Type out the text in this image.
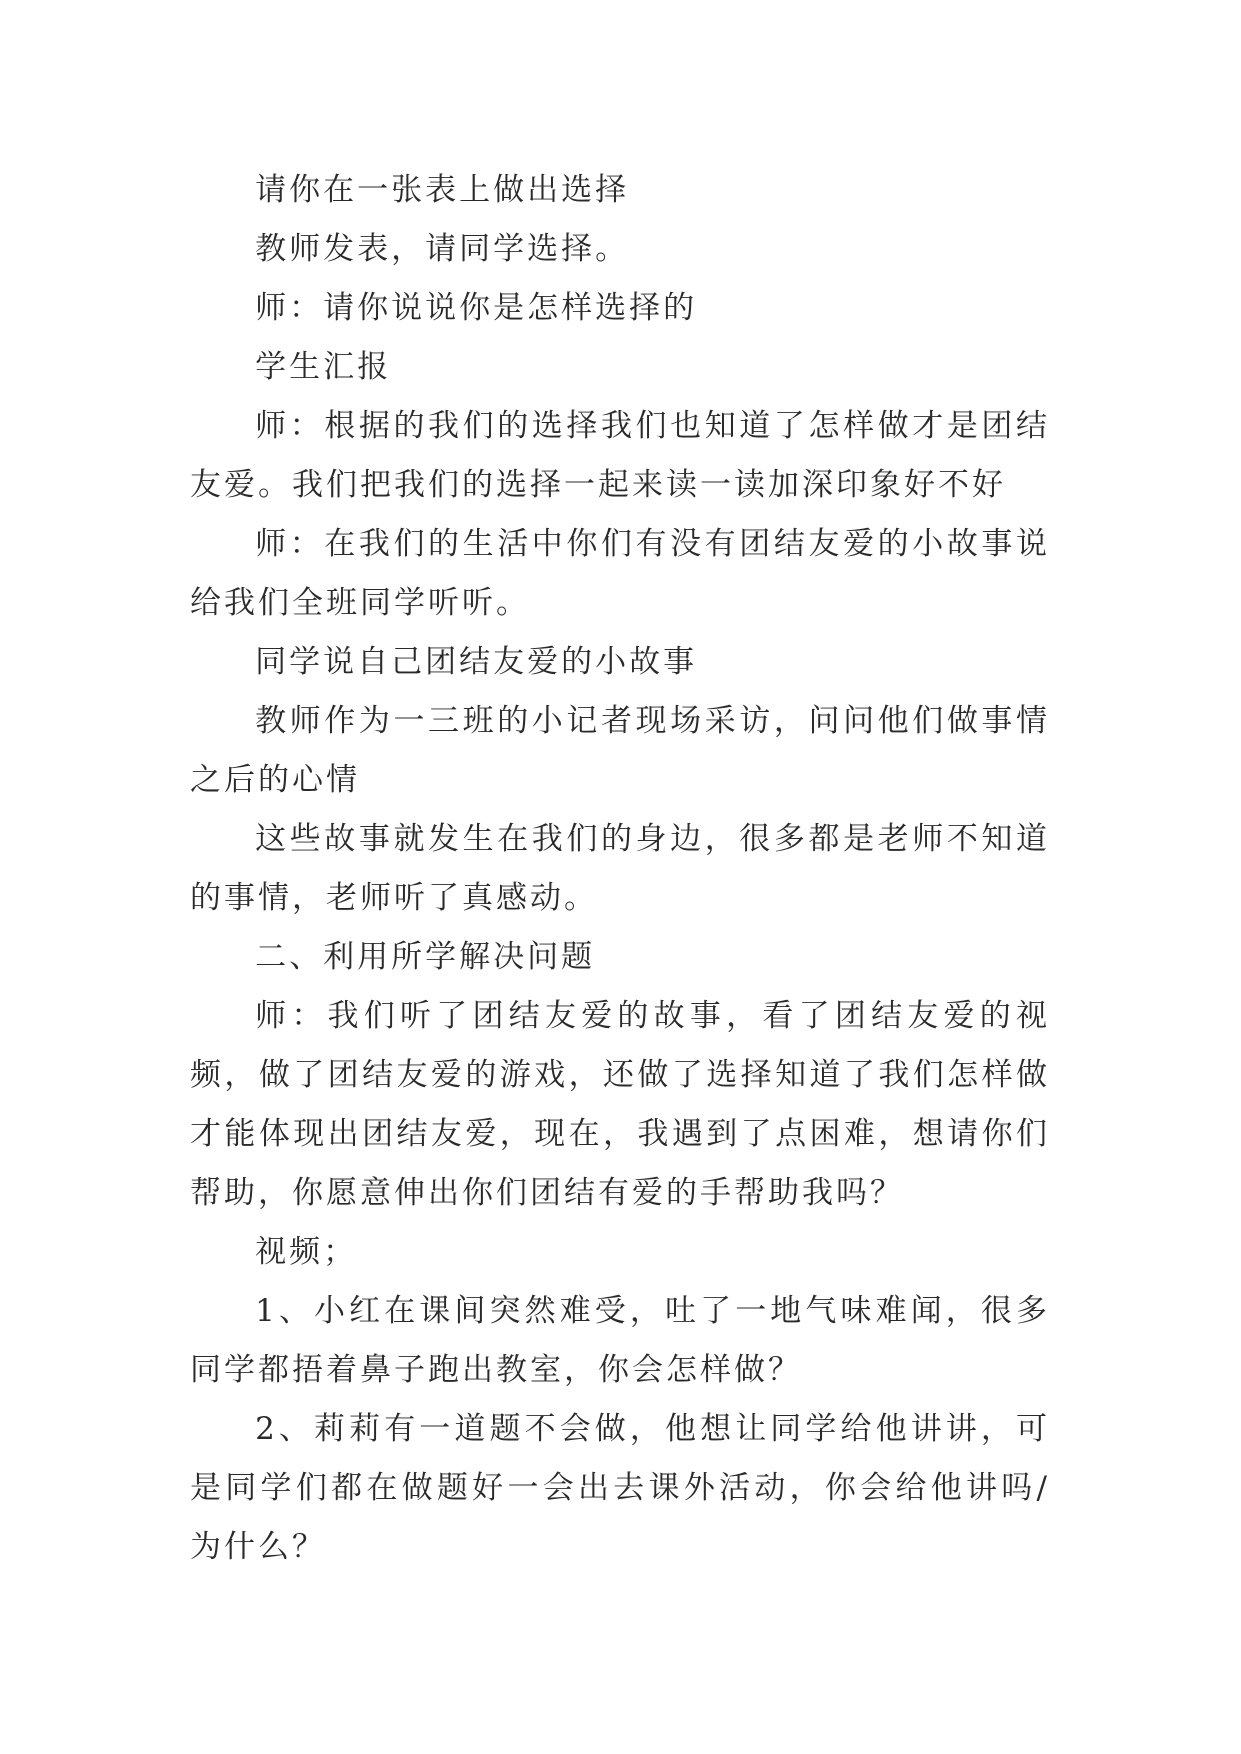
请你在一张表上做出选择

教师发表，请同学选择。

师：请你说说你是怎样选择的

学生汇报

师：根据的我们的选择我们也知道了怎样做才是团结友爱。我们把我们的选择一起来读一读加深印象好不好

师：在我们的生活中你们有没有团结友爱的小故事说给我们全班同学听听。

同学说自己团结友爱的小故事

教师作为一三班的小记者现场采访，问问他们做事情之后的心情

这些故事就发生在我们的身边，很多都是老师不知道的事情，老师听了真感动。

二、利用所学解决问题

师：我们听了团结友爱的故事，看了团结友爱的视频，做了团结友爱的游戏，还做了选择知道了我们怎样做才能体现出团结友爱，现在，我遇到了点困难，想请你们帮助，你愿意伸出你们团结有爱的手帮助我吗？

视频；

1、小红在课间突然难受，吐了一地气味难闻，很多同学都捂着鼻子跑出教室，你会怎样做？

2、莉莉有一道题不会做，他想让同学给他讲讲，可是同学们都在做题好一会出去课外活动，你会给他讲吗/为什么？
